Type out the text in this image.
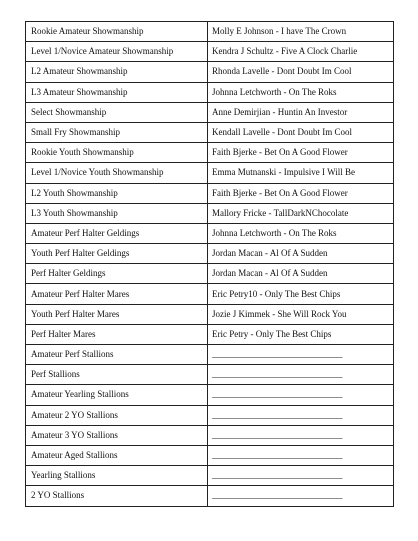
Rookie Amateur Showmanship	Molly E Johnson - I have The Crown
Level 1/Novice Amateur Showmanship	Kendra J Schultz - Five A Clock Charlie
L2 Amateur Showmanship	Rhonda Lavelle - Dont Doubt Im Cool
L3 Amateur Showmanship	Johnna Letchworth - On The Roks
Select Showmanship	Anne Demirjian - Huntin An Investor
Small Fry Showmanship	Kendall Lavelle - Dont Doubt Im Cool
Rookie Youth Showmanship	Faith Bjerke - Bet On A Good Flower
Level 1/Novice Youth Showmanship	Emma Mutnanski - Impulsive I Will Be
L2 Youth Showmanship	Faith Bjerke - Bet On A Good Flower
L3 Youth Showmanship	Mallory Fricke - TallDarkNChocolate
Amateur Perf Halter Geldings	Johnna Letchworth - On The Roks
Youth Perf Halter Geldings	Jordan Macan - Al Of A Sudden
Perf Halter Geldings	Jordan Macan - Al Of A Sudden
Amateur Perf Halter Mares	Eric Petry10 - Only The Best Chips
Youth Perf Halter Mares	Jozie J Kimmek - She Will Rock You
Perf Halter Mares	Eric Petry - Only The Best Chips
Amateur Perf Stallions	_____________________________
Perf Stallions	_____________________________
Amateur Yearling Stallions	_____________________________
Amateur 2 YO Stallions	_____________________________
Amateur 3 YO Stallions	_____________________________
Amateur Aged Stallions	_____________________________
Yearling Stallions	_____________________________
2 YO Stallions	_____________________________
